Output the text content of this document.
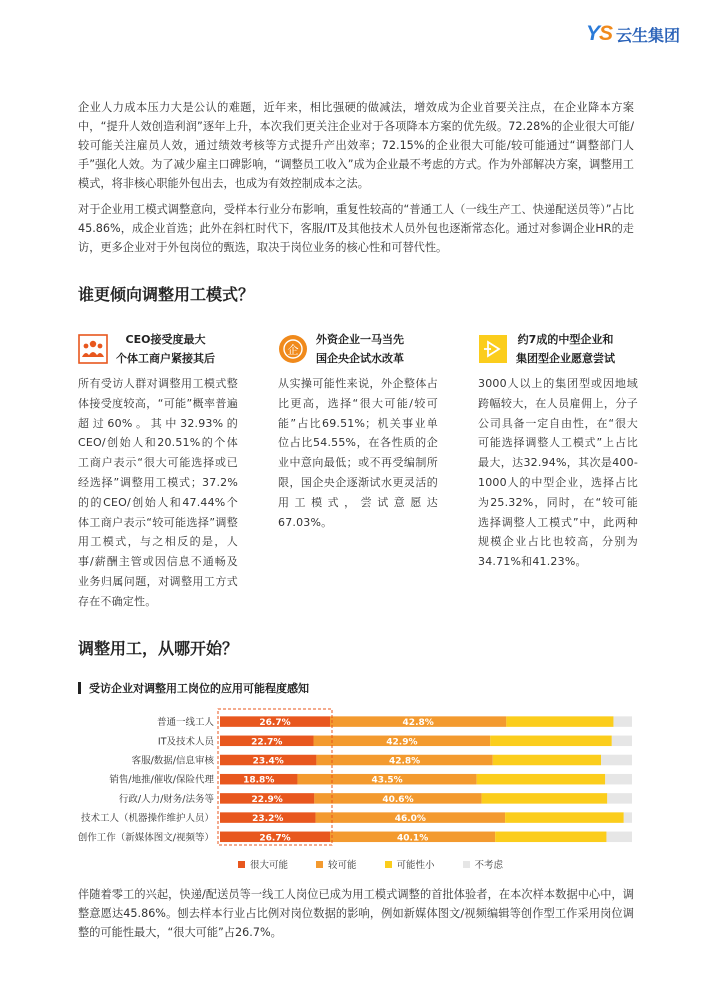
YS 云生集团

企业人力成本压力大是公认的难题，近年来，相比强硬的做减法，增效成为企业首要关注点，在企业降本方案中，“提升人效创造利润”逐年上升，本次我们更关注企业对于各项降本方案的优先级。72.28%的企业很大可能/较可能关注雇员人效，通过绩效考核等方式提升产出效率；72.15%的企业很大可能/较可能通过“调整部门人手”强化人效。为了减少雇主口碑影响，“调整员工收入”成为企业最不考虑的方式。作为外部解决方案，调整用工模式，将非核心职能外包出去，也成为有效控制成本之法。

对于企业用工模式调整意向，受样本行业分布影响，重复性较高的“普通工人（一线生产工、快递配送员等）”占比45.86%，成企业首选；此外在斜杠时代下，客服/IT及其他技术人员外包也逐渐常态化。通过对参调企业HR的走访，更多企业对于外包岗位的甄选，取决于岗位业务的核心性和可替代性。

谁更倾向调整用工模式？
CEO接受度最大
个体工商户紧接其后
所有受访人群对调整用工模式整体接受度较高，“可能”概率普遍超过60%。其中32.93%的CEO/创始人和20.51%的个体工商户表示“很大可能选择或已经选择”调整用工模式；37.2%的的CEO/创始人和47.44%个体工商户表示“较可能选择”调整用工模式，与之相反的是，人事/薪酬主管或因信息不通畅及业务归属问题，对调整用工方式存在不确定性。
企
外资企业一马当先
国企央企试水改革
从实操可能性来说，外企整体占比更高，选择“很大可能/较可能”占比69.51%；机关事业单位占比54.55%，在各性质的企业中意向最低；或不再受编制所限，国企央企逐渐试水更灵活的用工模式，尝试意愿达67.03%。
约7成的中型企业和
集团型企业愿意尝试
3000人以上的集团型或因地域跨幅较大，在人员雇佣上，分子公司具备一定自由性，在“很大可能选择调整人工模式”上占比最大，达32.94%，其次是400-1000人的中型企业，选择占比为25.32%，同时，在“较可能选择调整人工模式”中，此两种规模企业占比也较高，分别为34.71%和41.23%。
调整用工，从哪开始？
受访企业对调整用工岗位的应用可能程度感知
普通一线工人	26.7%	42.8%
IT及技术人员	22.7%	42.9%
客服/数据/信息审核	23.4%	42.8%
销售/地推/催收/保险代理	18.8%	43.5%
行政/人力/财务/法务等	22.9%	40.6%
技术工人（机器操作维护人员）	23.2%	46.0%
创作工作（新媒体图文/视频等）	26.7%	40.1%
很大可能	较可能	可能性小	不考虑

伴随着零工的兴起，快递/配送员等一线工人岗位已成为用工模式调整的首批体验者，在本次样本数据中心中，调整意愿达45.86%。刨去样本行业占比例对岗位数据的影响，例如新媒体图文/视频编辑等创作型工作采用岗位调整的可能性最大，“很大可能”占26.7%。
